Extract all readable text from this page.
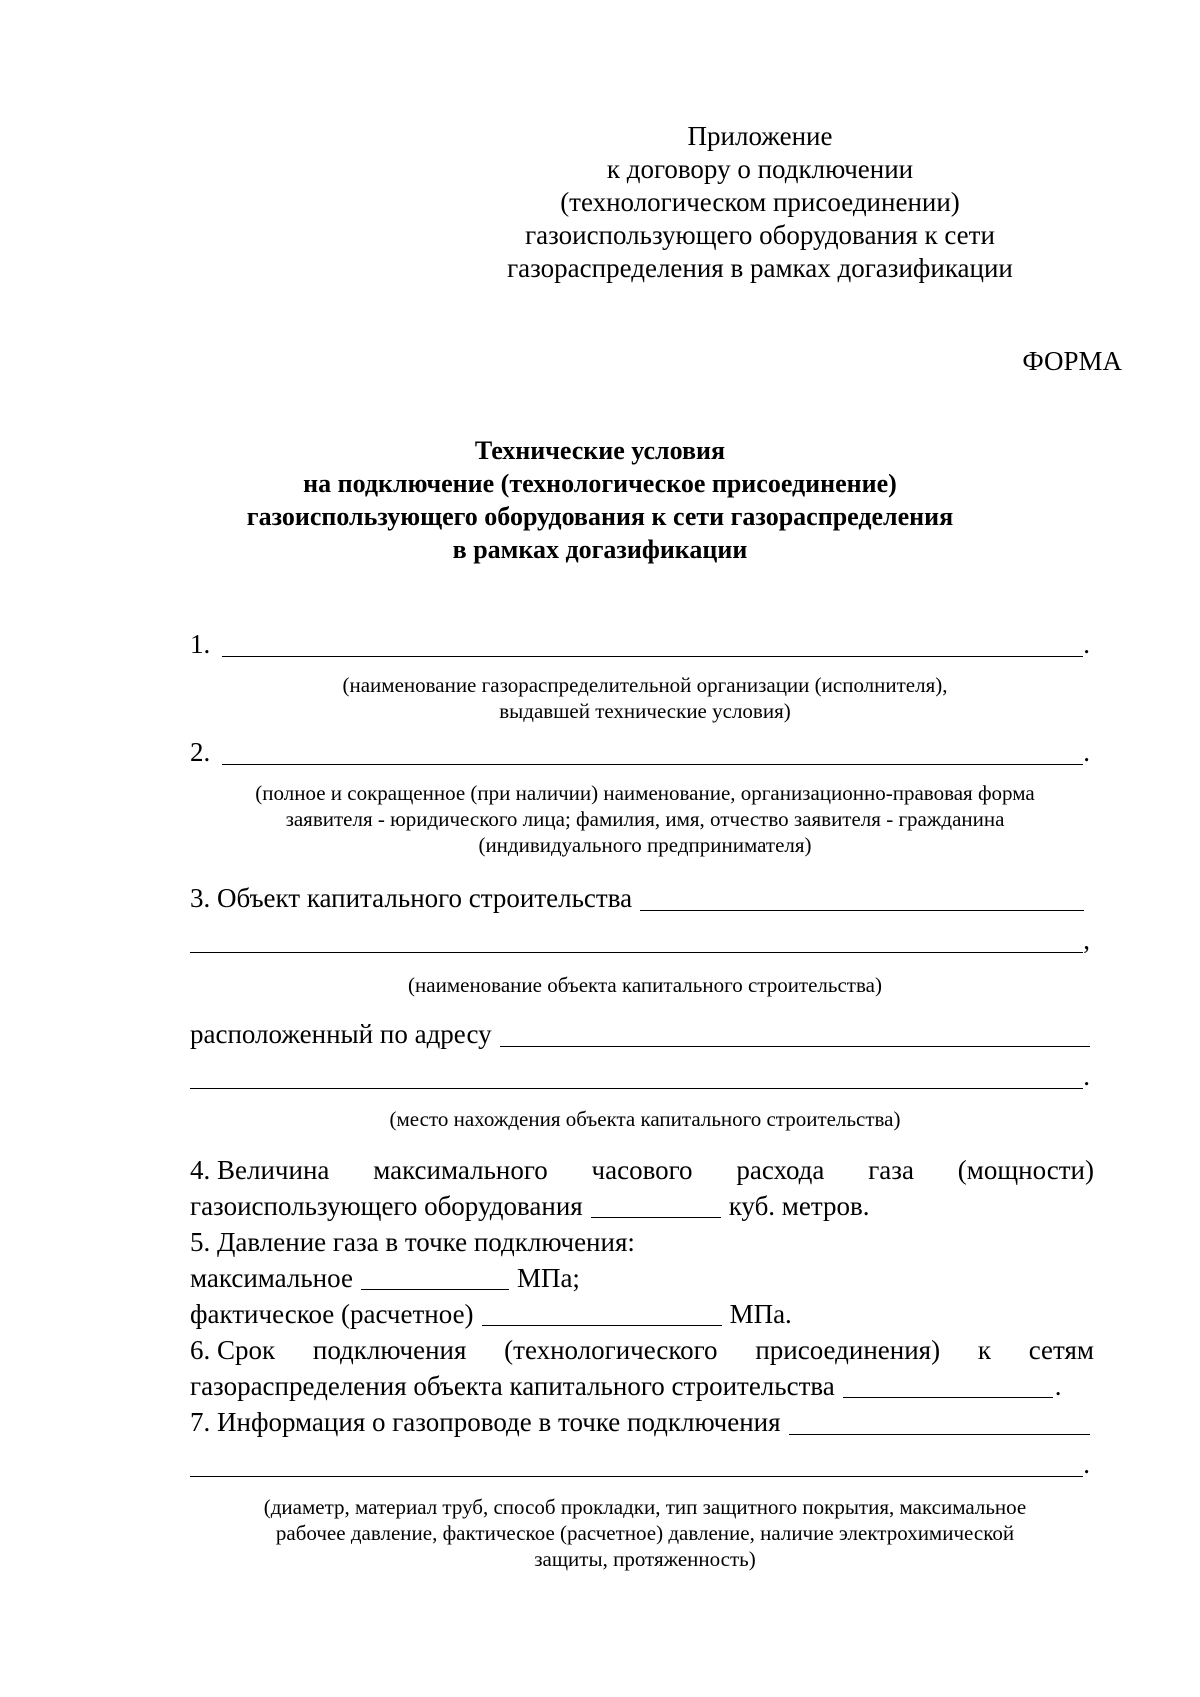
Приложение
к договору о подключении
(технологическом присоединении)
газоиспользующего оборудования к сети
газораспределения в рамках догазификации
ФОРМА
Технические условия
на подключение (технологическое присоединение)
газоиспользующего оборудования к сети газораспределения
в рамках догазификации
1.	.
(наименование газораспределительной организации (исполнителя),
выдавшей технические условия)
2.	.
(полное и сокращенное (при наличии) наименование, организационно-правовая форма
заявителя - юридического лица; фамилия, имя, отчество заявителя - гражданина
(индивидуального предпринимателя)
3. Объект капитального строительства
,
(наименование объекта капитального строительства)
расположенный по адресу
.
(место нахождения объекта капитального строительства)
4. Величина максимального часового расхода газа (мощности)
газоиспользующего оборудования	куб. метров.
5. Давление газа в точке подключения:
максимальное	МПа;
фактическое (расчетное)	МПа.
6. Срок подключения (технологического присоединения) к сетям
газораспределения объекта капитального строительства	.
7. Информация о газопроводе в точке подключения
.
(диаметр, материал труб, способ прокладки, тип защитного покрытия, максимальное
рабочее давление, фактическое (расчетное) давление, наличие электрохимической
защиты, протяженность)
